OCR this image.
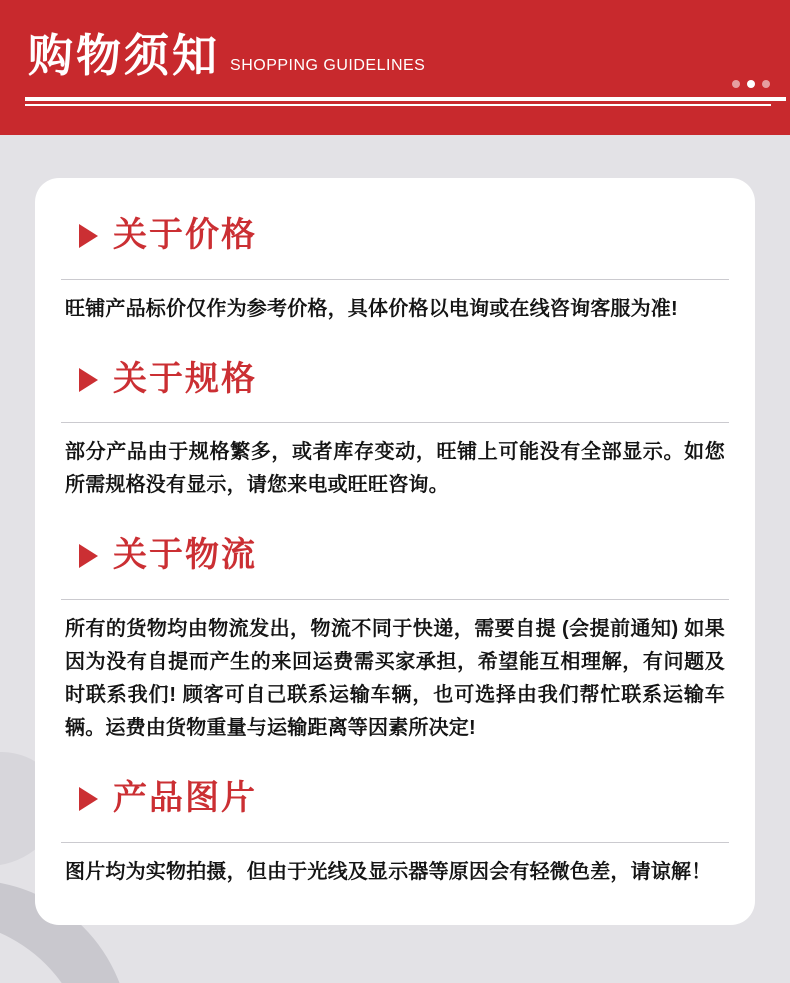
购物须知 SHOPPING GUIDELINES
关于价格

旺铺产品标价仅作为参考价格，具体价格以电询或在线咨询客服为准!

关于规格

部分产品由于规格繁多，或者库存变动，旺铺上可能没有全部显示。如您所需规格没有显示，请您来电或旺旺咨询。

关于物流

所有的货物均由物流发出，物流不同于快递，需要自提 (会提前通知) 如果因为没有自提而产生的来回运费需买家承担，希望能互相理解，有问题及时联系我们! 顾客可自己联系运输车辆，也可选择由我们帮忙联系运输车辆。运费由货物重量与运输距离等因素所决定!

产品图片

图片均为实物拍摄，但由于光线及显示器等原因会有轻微色差，请谅解！
